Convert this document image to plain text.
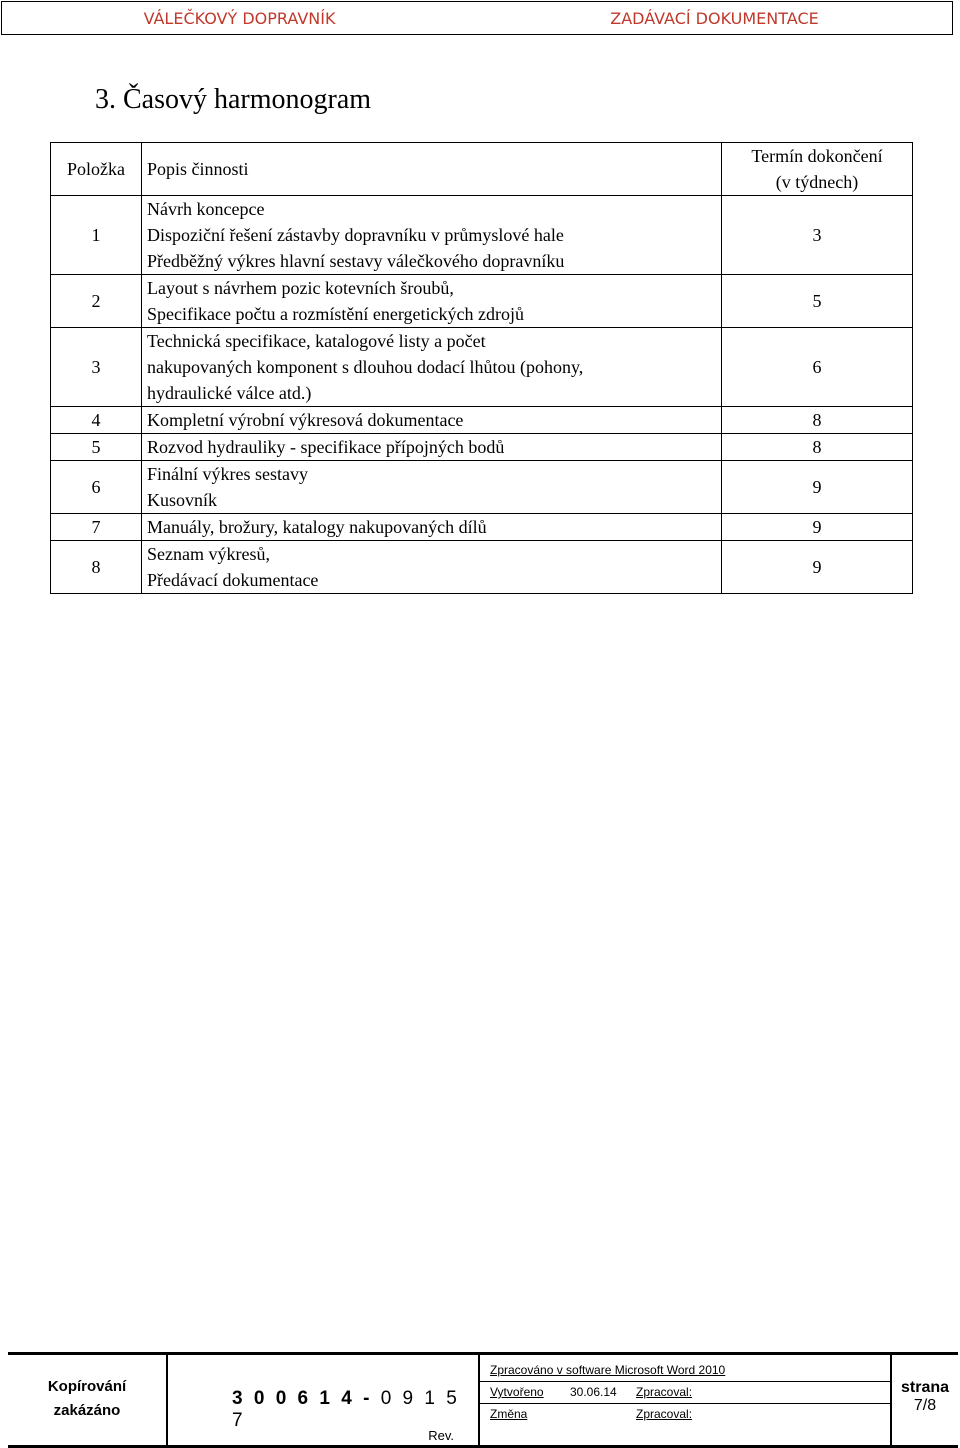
VÁLEČKOVÝ DOPRAVNÍK	ZADÁVACÍ DOKUMENTACE
3. Časový harmonogram
Položka	Popis činnosti	Termín dokončení
(v týdnech)

1	Návrh koncepce
Dispoziční řešení zástavby dopravníku v průmyslové hale
Předběžný výkres hlavní sestavy válečkového dopravníku	3
2	Layout s návrhem pozic kotevních šroubů,
Specifikace počtu a rozmístění energetických zdrojů	5
3	Technická specifikace, katalogové listy a počet
nakupovaných komponent s dlouhou dodací lhůtou (pohony,
hydraulické válce atd.)	6
4	Kompletní výrobní výkresová dokumentace	8
5	Rozvod hydrauliky - specifikace přípojných bodů	8
6	Finální výkres sestavy
Kusovník	9
7	Manuály, brožury, katalogy nakupovaných dílů	9
8	Seznam výkresů,
Předávací dokumentace	9
Kopírování
zakázáno
3 0 0 6 1 4 - 0 9 1 5 7
Rev.
Zpracováno v software Microsoft Word 2010
Vytvořeno 30.06.14 Zpracoval:
Změna	Zpracoval:
strana
7/8
